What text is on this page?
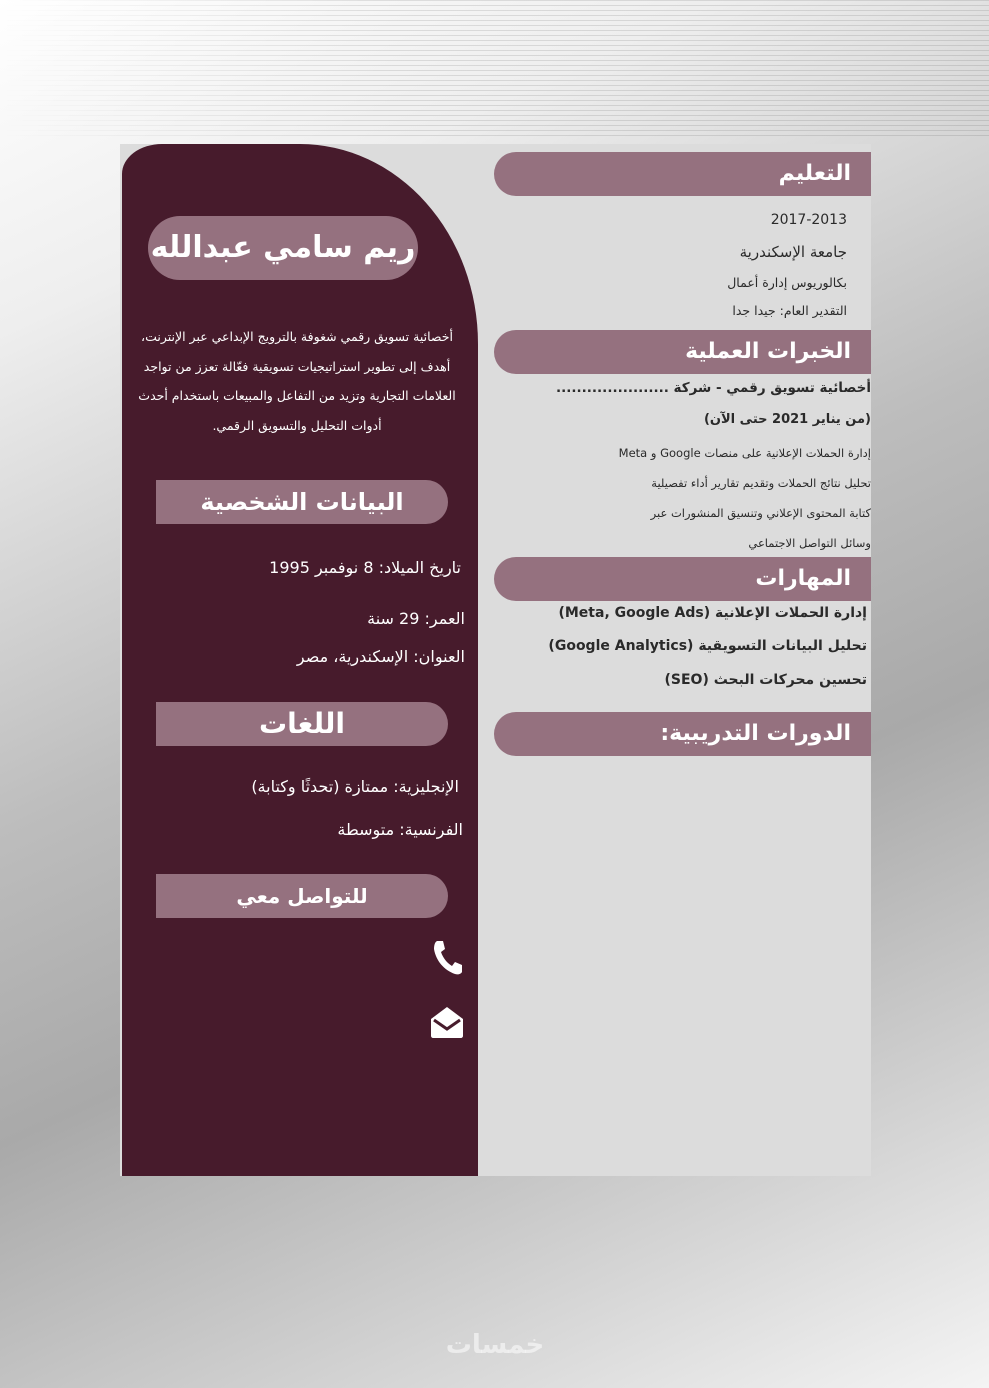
ريم سامي عبدالله
أخصائية تسويق رقمي شغوفة بالترويج الإبداعي عبر الإنترنت، أهدف إلى تطوير استراتيجيات تسويقية فعّالة تعزز من تواجد العلامات التجارية وتزيد من التفاعل والمبيعات باستخدام أحدث أدوات التحليل والتسويق الرقمي.
البيانات الشخصية
تاريخ الميلاد: 8 نوفمبر 1995
العمر: 29 سنة
العنوان: الإسكندرية، مصر
اللغات
الإنجليزية: ممتازة (تحدثًا وكتابة)
الفرنسية: متوسطة
للتواصل معي
التعليم
2017-2013
جامعة الإسكندرية
بكالوريوس إدارة أعمال
التقدير العام: جيدا جدا
الخبرات العملية
أخصائية تسويق رقمي - شركة ......................
(من يناير 2021 حتى الآن)
إدارة الحملات الإعلانية على منصات Google و Meta
تحليل نتائج الحملات وتقديم تقارير أداء تفصيلية
كتابة المحتوى الإعلاني وتنسيق المنشورات عبر
وسائل التواصل الاجتماعي
المهارات
إدارة الحملات الإعلانية (Meta, Google Ads)
تحليل البيانات التسويقية (Google Analytics)
تحسين محركات البحث (SEO)
الدورات التدريبية:
خمسات
